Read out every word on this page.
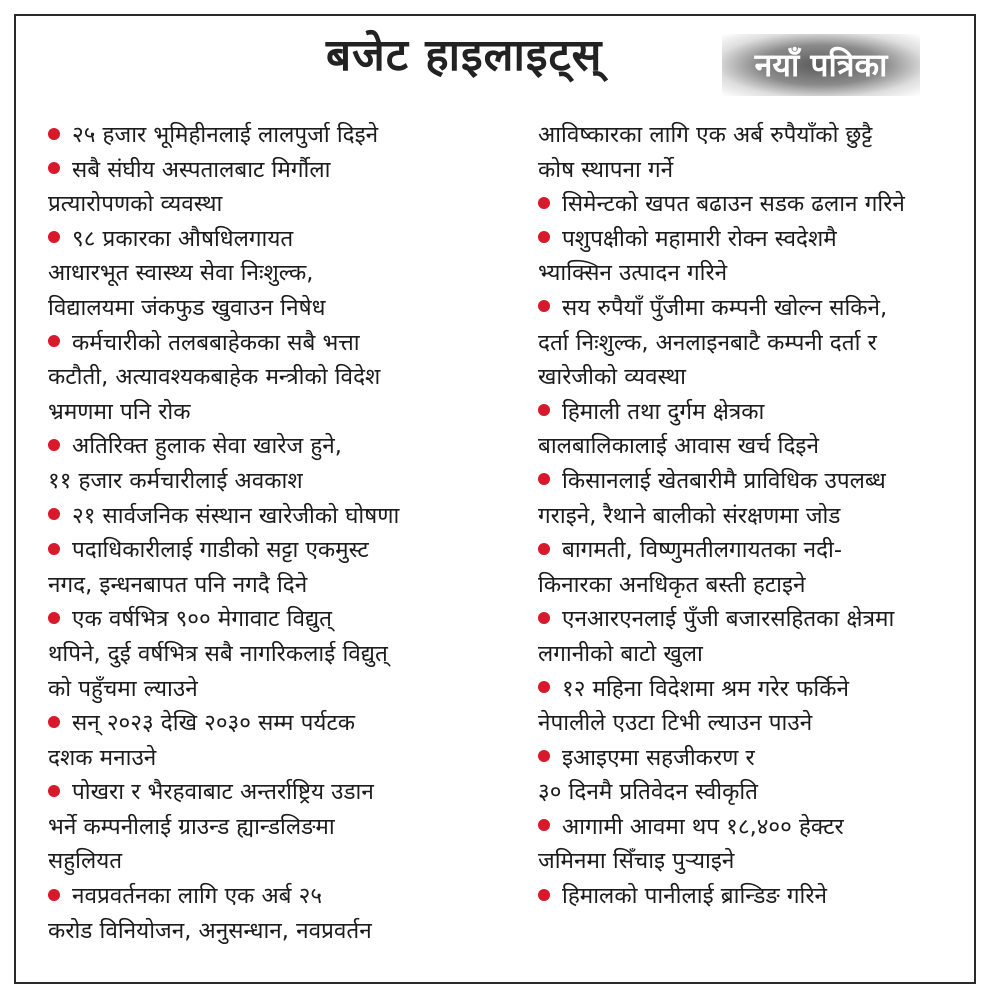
बजेट हाइलाइट्स्	नयाँ पत्रिका
२५ हजार भूमिहीनलाई लालपुर्जा दिइने
सबै संघीय अस्पतालबाट मिर्गौला
प्रत्यारोपणको व्यवस्था
९८ प्रकारका औषधिलगायत
आधारभूत स्वास्थ्य सेवा निःशुल्क,
विद्यालयमा जंकफुड खुवाउन निषेध
कर्मचारीको तलबबाहेकका सबै भत्ता
कटौती, अत्यावश्यकबाहेक मन्त्रीको विदेश
भ्रमणमा पनि रोक
अतिरिक्त हुलाक सेवा खारेज हुने,
११ हजार कर्मचारीलाई अवकाश
२१ सार्वजनिक संस्थान खारेजीको घोषणा
पदाधिकारीलाई गाडीको सट्टा एकमुस्ट
नगद, इन्धनबापत पनि नगदै दिने
एक वर्षभित्र ९०० मेगावाट विद्युत्
थपिने, दुई वर्षभित्र सबै नागरिकलाई विद्युत्
को पहुँचमा ल्याउने
सन् २०२३ देखि २०३० सम्म पर्यटक
दशक मनाउने
पोखरा र भैरहवाबाट अन्तर्राष्ट्रिय उडान
भर्ने कम्पनीलाई ग्राउन्ड ह्यान्डलिङमा
सहुलियत
नवप्रवर्तनका लागि एक अर्ब २५
करोड विनियोजन, अनुसन्धान, नवप्रवर्तन
आविष्कारका लागि एक अर्ब रुपैयाँको छुट्टै
कोष स्थापना गर्ने
सिमेन्टको खपत बढाउन सडक ढलान गरिने
पशुपक्षीको महामारी रोक्न स्वदेशमै
भ्याक्सिन उत्पादन गरिने
सय रुपैयाँ पुँजीमा कम्पनी खोल्न सकिने,
दर्ता निःशुल्क, अनलाइनबाटै कम्पनी दर्ता र
खारेजीको व्यवस्था
हिमाली तथा दुर्गम क्षेत्रका
बालबालिकालाई आवास खर्च दिइने
किसानलाई खेतबारीमै प्राविधिक उपलब्ध
गराइने, रैथाने बालीको संरक्षणमा जोड
बागमती, विष्णुमतीलगायतका नदी-
किनारका अनधिकृत बस्ती हटाइने
एनआरएनलाई पुँजी बजारसहितका क्षेत्रमा
लगानीको बाटो खुला
१२ महिना विदेशमा श्रम गरेर फर्किने
नेपालीले एउटा टिभी ल्याउन पाउने
इआइएमा सहजीकरण र
३० दिनमै प्रतिवेदन स्वीकृति
आगामी आवमा थप १८,४०० हेक्टर
जमिनमा सिँचाइ पुर्‍याइने
हिमालको पानीलाई ब्रान्डिङ गरिने
